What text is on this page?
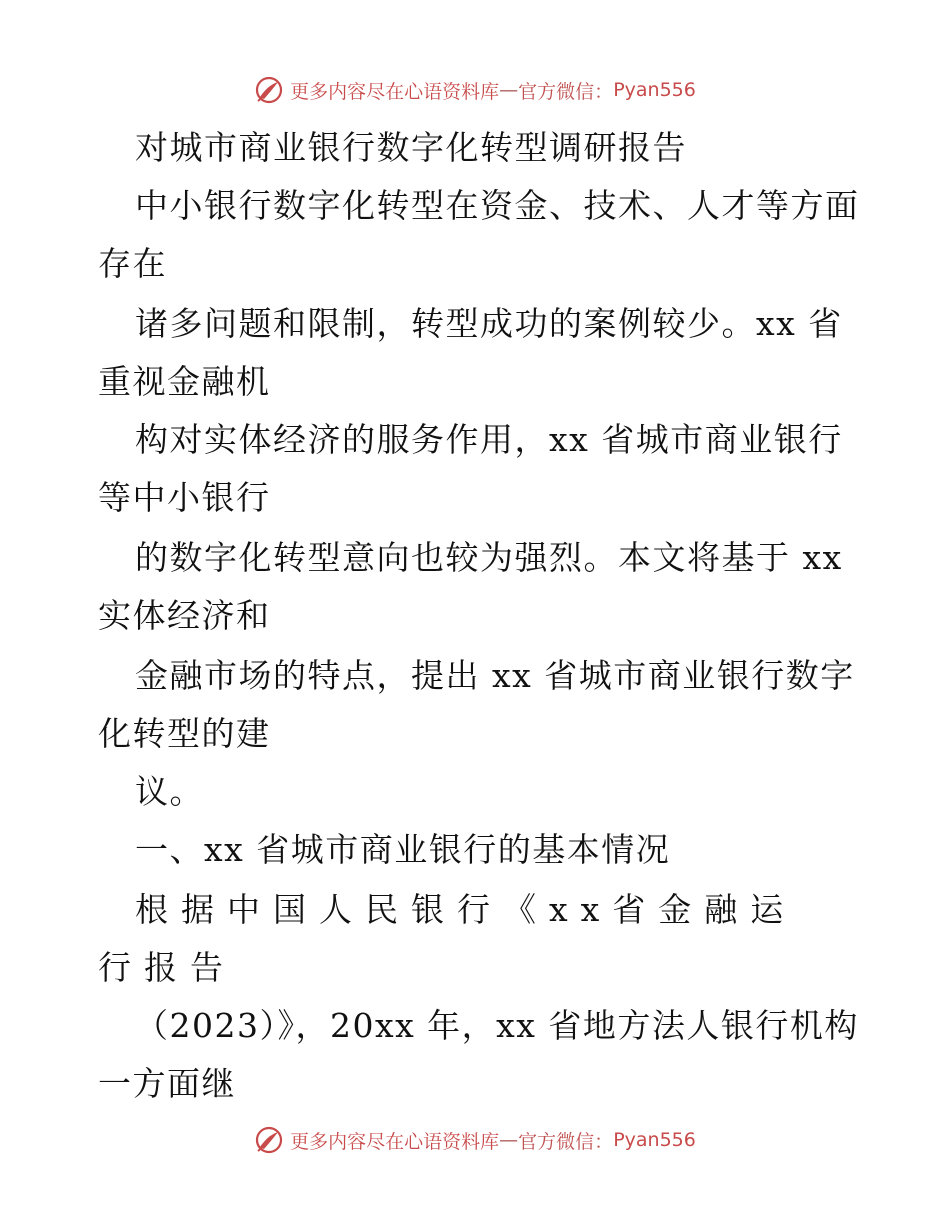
更多内容尽在心语资料库 — 官方微信： Pyan556
对城市商业银行数字化转型调研报告
中小银行数字化转型在资金、技术、人才等方面
存在
诸多问题和限制，转型成功的案例较少。xx 省
重视金融机
构对实体经济的服务作用，xx 省城市商业银行
等中小银行
的数字化转型意向也较为强烈。本文将基于 xx
实体经济和
金融市场的特点，提出 xx 省城市商业银行数字
化转型的建
议。
一、xx 省城市商业银行的基本情况
根据中国人民银行《xx省金融运
行报告
（2023）》，20xx 年，xx 省地方法人银行机构
一方面继
更多内容尽在心语资料库 — 官方微信： Pyan556
